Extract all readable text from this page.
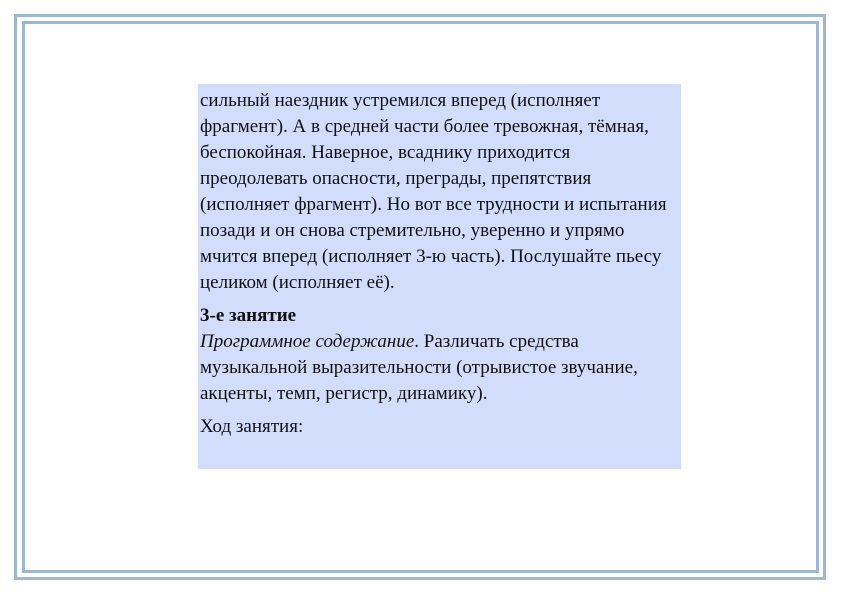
сильный наездник устремился вперед (исполняет фрагмент). А в средней части более тревожная, тёмная, беспокойная. Наверное, всаднику приходится преодолевать опасности, преграды, препятствия (исполняет фрагмент). Но вот все трудности и испытания позади и он снова стремительно, уверенно и упрямо мчится вперед (исполняет 3-ю часть). Послушайте пьесу целиком (исполняет её).

3-е занятие

Программное содержание. Различать средства музыкальной выразительности (отрывистое звучание, акценты, темп, регистр, динамику).

Ход занятия:
